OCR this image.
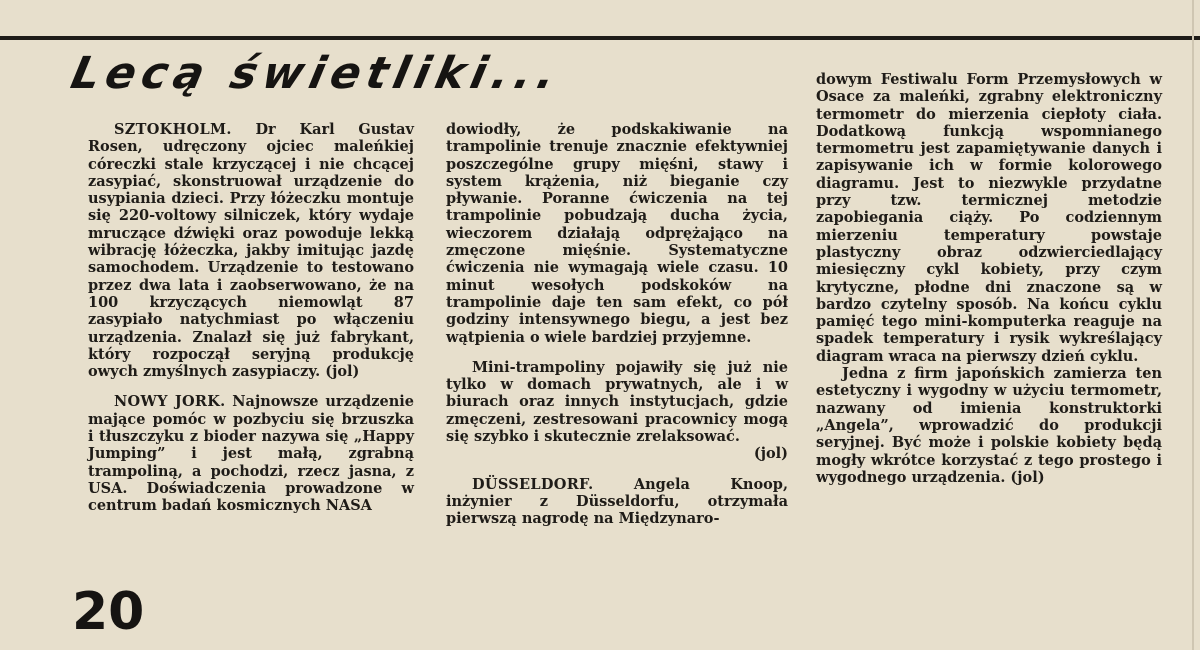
Lecą świetliki...

SZTOKHOLM. Dr Karl Gustav Rosen, udręczony ojciec maleńkiej córeczki stale krzyczącej i nie chcącej zasypiać, skonstruował urządzenie do usypiania dzieci. Przy łóżeczku montuje się 220-voltowy silniczek, który wydaje mruczące dźwięki oraz powoduje lekką wibrację łóżeczka, jakby imitując jazdę samochodem. Urządzenie to testowano przez dwa lata i zaobserwowano, że na 100 krzyczących niemowląt 87 zasypiało natychmiast po włączeniu urządzenia. Znalazł się już fabrykant, który rozpoczął seryjną produkcję owych zmyślnych zasypiaczy. (jol)

NOWY JORK. Najnowsze urządzenie mające pomóc w pozbyciu się brzuszka i tłuszczyku z bioder nazywa się „Happy Jumping” i jest małą, zgrabną trampoliną, a pochodzi, rzecz jasna, z USA. Doświadczenia prowadzone w centrum badań kosmicznych NASA

dowiodły, że podskakiwanie na trampolinie trenuje znacznie efektywniej poszczególne grupy mięśni, stawy i system krążenia, niż bieganie czy pływanie. Poranne ćwiczenia na tej trampolinie pobudzają ducha życia, wieczorem działają odprężająco na zmęczone mięśnie. Systematyczne ćwiczenia nie wymagają wiele czasu. 10 minut wesołych podskoków na trampolinie daje ten sam efekt, co pół godziny intensywnego biegu, a jest bez wątpienia o wiele bardziej przyjemne.

Mini-trampoliny pojawiły się już nie tylko w domach prywatnych, ale i w biurach oraz innych instytucjach, gdzie zmęczeni, zestresowani pracownicy mogą się szybko i skutecznie zrelaksować.

(jol)

DÜSSELDORF. Angela Knoop, inżynier z Düsseldorfu, otrzymała pierwszą nagrodę na Międzynaro-

dowym Festiwalu Form Przemysłowych w Osace za maleńki, zgrabny elektroniczny termometr do mierzenia ciepłoty ciała. Dodatkową funkcją wspomnianego termometru jest zapamiętywanie danych i zapisywanie ich w formie kolorowego diagramu. Jest to niezwykle przydatne przy tzw. termicznej metodzie zapobiegania ciąży. Po codziennym mierzeniu temperatury powstaje plastyczny obraz odzwierciedlający miesięczny cykl kobiety, przy czym krytyczne, płodne dni znaczone są w bardzo czytelny sposób. Na końcu cyklu pamięć tego mini-komputerka reaguje na spadek temperatury i rysik wykreślający diagram wraca na pierwszy dzień cyklu.

Jedna z firm japońskich zamierza ten estetyczny i wygodny w użyciu termometr, nazwany od imienia konstruktorki „Angela”, wprowadzić do produkcji seryjnej. Być może i polskie kobiety będą mogły wkrótce korzystać z tego prostego i wygodnego urządzenia. (jol)

20
